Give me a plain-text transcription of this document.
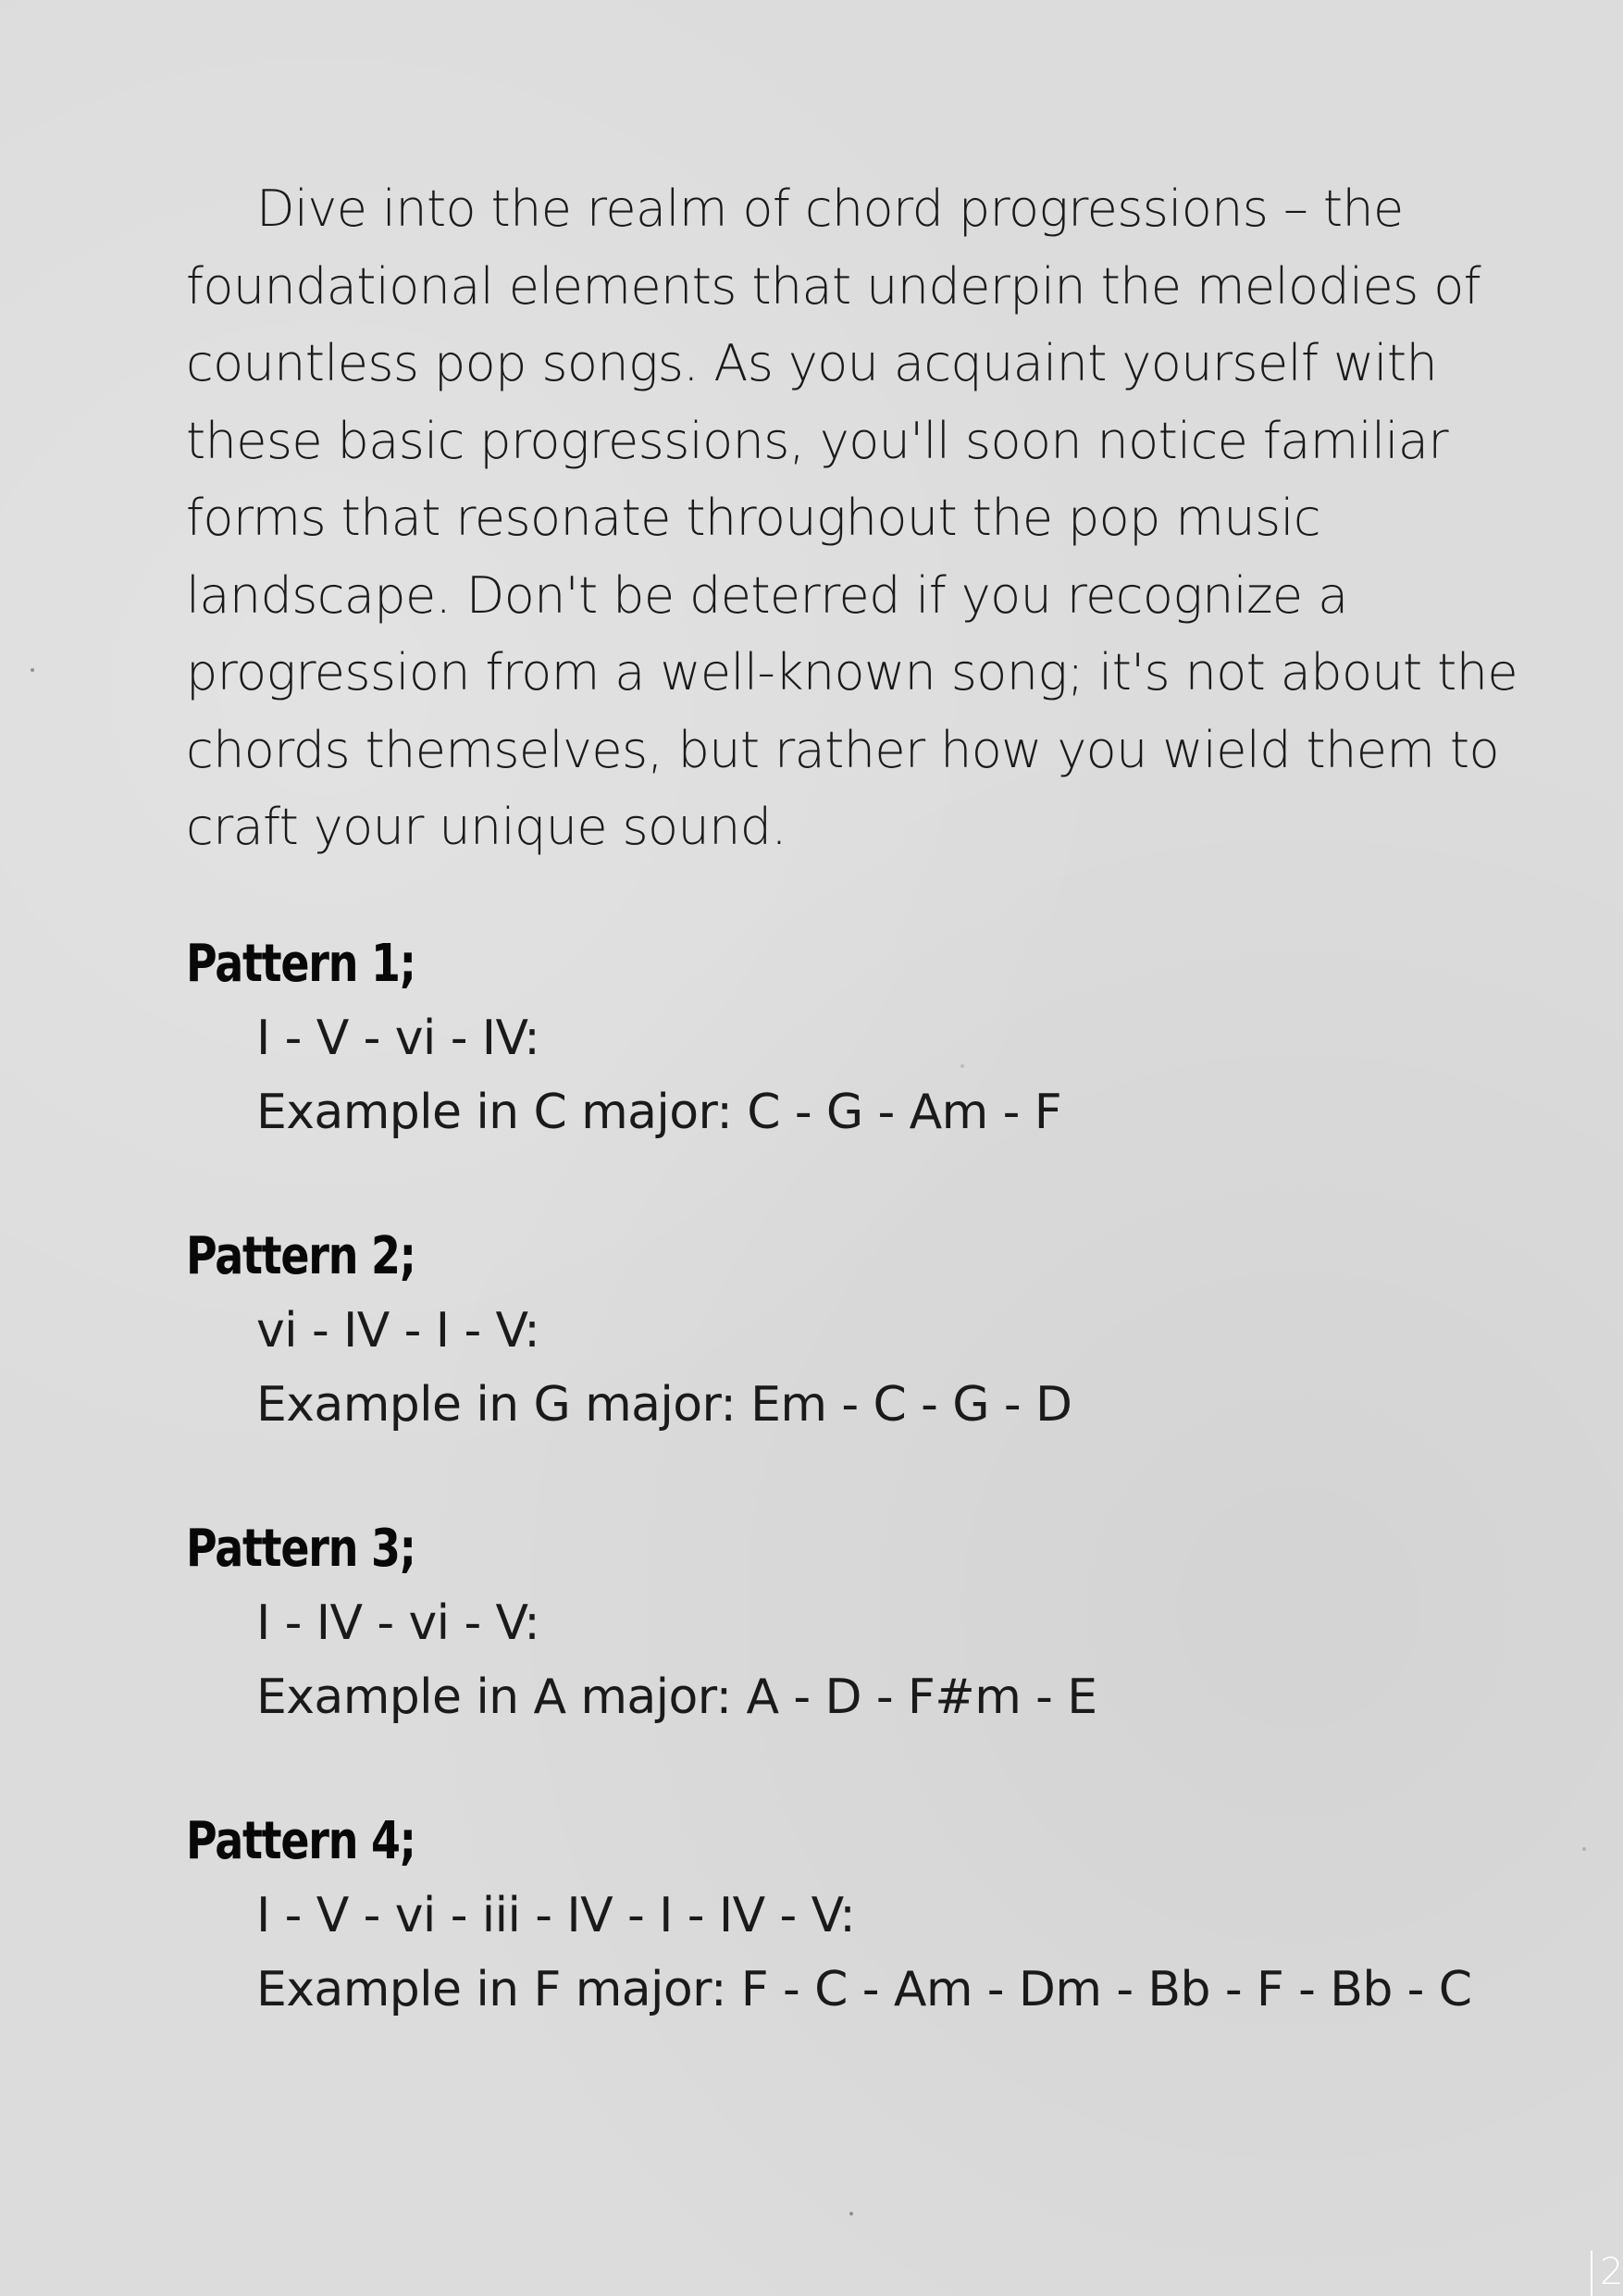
Dive into the realm of chord progressions – the
foundational elements that underpin the melodies of
countless pop songs. As you acquaint yourself with
these basic progressions, you'll soon notice familiar
forms that resonate throughout the pop music
landscape. Don't be deterred if you recognize a
progression from a well-known song; it's not about the
chords themselves, but rather how you wield them to
craft your unique sound.

Pattern 1;
I - V - vi - IV:
Example in C major: C - G - Am - F
Pattern 2;
vi - IV - I - V:
Example in G major: Em - C - G - D
Pattern 3;
I - IV - vi - V:
Example in A major: A - D - F#m - E
Pattern 4;
I - V - vi - iii - IV - I - IV - V:
Example in F major: F - C - Am - Dm - Bb - F - Bb - C
2
